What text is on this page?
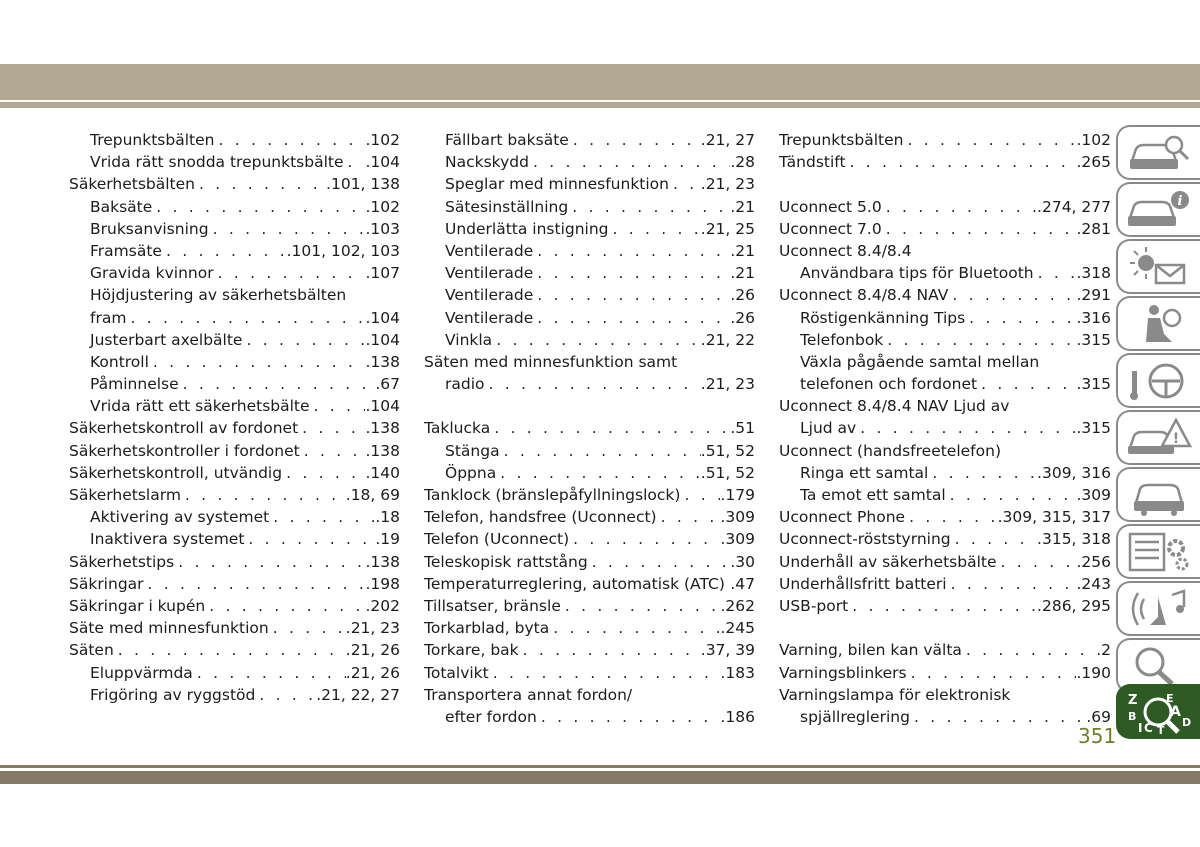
Trepunktsbälten . . .	.102
Vrida rätt snodda trepunktsbälte . . . .104
Säkerhetsbälten . . .	.101, 138
Baksäte . . .	.102
Bruksanvisning . . .	.103
Framsäte . . .	.101, 102, 103
Gravida kvinnor . . .	.107
Höjdjustering av säkerhetsbälten
fram . . .	.104
Justerbart axelbälte . . .	.104
Kontroll . . .	.138
Påminnelse . . .	.67
Vrida rätt ett säkerhetsbälte . . .	.104
Säkerhetskontroll av fordonet . . .	.138
Säkerhetskontroller i fordonet . . .	.138
Säkerhetskontroll, utvändig . . .	.140
Säkerhetslarm . . .	.18, 69
Aktivering av systemet . . .	.18
Inaktivera systemet . . .	.19
Säkerhetstips . . .	.138
Säkringar . . .	.198
Säkringar i kupén . . .	.202
Säte med minnesfunktion . . .	.21, 23
Säten . . .	.21, 26
Eluppvärmda . . .	.21, 26
Frigöring av ryggstöd . . .	.21, 22, 27
Fällbart baksäte . . .	.21, 27
Nackskydd . . .	.28
Speglar med minnesfunktion . . . .21, 23
Sätesinställning . . .	.21
Underlätta instigning . . .	.21, 25
Ventilerade . . .	.21
Ventilerade . . .	.21
Ventilerade . . .	.26
Ventilerade . . .	.26
Vinkla . . .	.21, 22
Säten med minnesfunktion samt
radio . . .	.21, 23
Taklucka . . .	.51
Stänga . . .	.51, 52
Öppna . . .	.51, 52
Tanklock (bränslepåfyllningslock) . . .	.179
Telefon, handsfree (Uconnect) . . .	.309
Telefon (Uconnect) . . .	.309
Teleskopisk rattstång . . .	.30
Temperaturreglering, automatisk (ATC) . . . .47
Tillsatser, bränsle . . .	.262
Torkarblad, byta . . .	.245
Torkare, bak . . .	.37, 39
Totalvikt . . .	.183
Transportera annat fordon/
efter fordon . . .	.186
Trepunktsbälten . . .	.102
Tändstift . . .	.265
Uconnect 5.0 . . .	.274, 277
Uconnect 7.0 . . .	.281
Uconnect 8.4/8.4
Användbara tips för Bluetooth . . .	.318
Uconnect 8.4/8.4 NAV . . .	.291
Röstigenkänning Tips . . .	.316
Telefonbok . . .	.315
Växla pågående samtal mellan
telefonen och fordonet . . .	.315
Uconnect 8.4/8.4 NAV Ljud av
Ljud av . . .	.315
Uconnect (handsfreetelefon)
Ringa ett samtal . . .	.309, 316
Ta emot ett samtal . . .	.309
Uconnect Phone . . .	.309, 315, 317
Uconnect-röststyrning . . .	.315, 318
Underhåll av säkerhetsbälte . . .	.256
Underhållsfritt batteri . . .	.243
USB-port . . .	.286, 295
Varning, bilen kan välta . . .	.2
Varningsblinkers . . .	.190
Varningslampa för elektronisk
spjällreglering . . .	.69
351
i
!
Z	E
A
B
C T
D
I
